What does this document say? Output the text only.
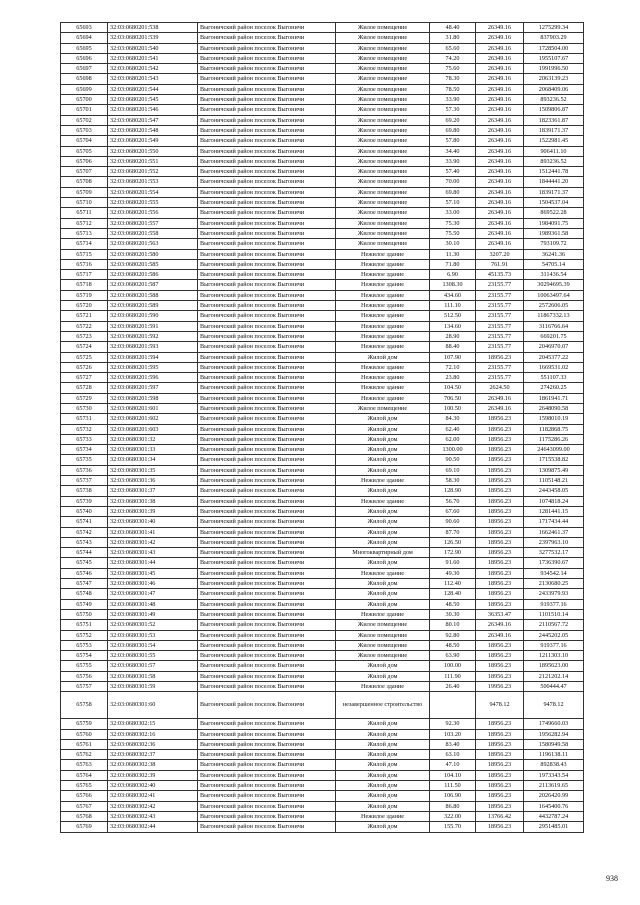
65693	32:03:0680201:538	Выгоничский район поселок Выгоничи	Жилое помещение	48.40	26349.16	1275299.34
65694	32:03:0680201:539	Выгоничский район поселок Выгоничи	Жилое помещение	31.80	26349.16	837903.29
65695	32:03:0680201:540	Выгоничский район поселок Выгоничи	Жилое помещение	65.60	26349.16	1728504.00
65696	32:03:0680201:541	Выгоничский район поселок Выгоничи	Жилое помещение	74.20	26349.16	1955107.67
65697	32:03:0680201:542	Выгоничский район поселок Выгоничи	Жилое помещение	75.60	26349.16	1991996.50
65698	32:03:0680201:543	Выгоничский район поселок Выгоничи	Жилое помещение	78.30	26349.16	2063139.23
65699	32:03:0680201:544	Выгоничский район поселок Выгоничи	Жилое помещение	78.50	26349.16	2068409.06
65700	32:03:0680201:545	Выгоничский район поселок Выгоничи	Жилое помещение	33.90	26349.16	893236.52
65701	32:03:0680201:546	Выгоничский район поселок Выгоничи	Жилое помещение	57.30	26349.16	1509806.87
65702	32:03:0680201:547	Выгоничский район поселок Выгоничи	Жилое помещение	69.20	26349.16	1823361.87
65703	32:03:0680201:548	Выгоничский район поселок Выгоничи	Жилое помещение	69.80	26349.16	1839171.37
65704	32:03:0680201:549	Выгоничский район поселок Выгоничи	Жилое помещение	57.80	26349.16	1522981.45
65705	32:03:0680201:550	Выгоничский район поселок Выгоничи	Жилое помещение	34.40	26349.16	906411.10
65706	32:03:0680201:551	Выгоничский район поселок Выгоничи	Жилое помещение	33.90	26349.16	893236.52
65707	32:03:0680201:552	Выгоничский район поселок Выгоничи	Жилое помещение	57.40	26349.16	1512441.78
65708	32:03:0680201:553	Выгоничский район поселок Выгоничи	Жилое помещение	70.00	26349.16	1844441.20
65709	32:03:0680201:554	Выгоничский район поселок Выгоничи	Жилое помещение	69.80	26349.16	1839171.37
65710	32:03:0680201:555	Выгоничский район поселок Выгоничи	Жилое помещение	57.10	26349.16	1504537.04
65711	32:03:0680201:556	Выгоничский район поселок Выгоничи	Жилое помещение	33.00	26349.16	869522.28
65712	32:03:0680201:557	Выгоничский район поселок Выгоничи	Жилое помещение	75.30	26349.16	1984091.75
65713	32:03:0680201:558	Выгоничский район поселок Выгоничи	Жилое помещение	75.50	26349.16	1989361.58
65714	32:03:0680201:563	Выгоничский район поселок Выгоничи	Жилое помещение	30.10	26349.16	793109.72
65715	32:03:0680201:580	Выгоничский район поселок Выгоничи	Нежилое здание	11.30	3207.20	36241.36
65716	32:03:0680201:585	Выгоничский район поселок Выгоничи	Нежилое здание	71.80	761.91	54705.14
65717	32:03:0680201:586	Выгоничский район поселок Выгоничи	Нежилое здание	6.90	45135.73	311436.54
65718	32:03:0680201:587	Выгоничский район поселок Выгоничи	Нежилое здание	1308.30	23155.77	30294695.39
65719	32:03:0680201:588	Выгоничский район поселок Выгоничи	Нежилое здание	434.60	23155.77	10063497.64
65720	32:03:0680201:589	Выгоничский район поселок Выгоничи	Нежилое здание	111.10	23155.77	2572606.05
65721	32:03:0680201:590	Выгоничский район поселок Выгоничи	Нежилое здание	512.50	23155.77	11867332.13
65722	32:03:0680201:591	Выгоничский район поселок Выгоничи	Нежилое здание	134.60	23155.77	3116766.64
65723	32:03:0680201:592	Выгоничский район поселок Выгоничи	Нежилое здание	28.90	23155.77	669201.75
65724	32:03:0680201:593	Выгоничский район поселок Выгоничи	Нежилое здание	88.40	23155.77	2046970.07
65725	32:03:0680201:594	Выгоничский район поселок Выгоничи	Жилой дом	107.90	18956.23	2045377.22
65726	32:03:0680201:595	Выгоничский район поселок Выгоничи	Нежилое здание	72.10	23155.77	1669531.02
65727	32:03:0680201:596	Выгоничский район поселок Выгоничи	Нежилое здание	23.80	23155.77	551107.33
65728	32:03:0680201:597	Выгоничский район поселок Выгоничи	Нежилое здание	104.50	2624.50	274260.25
65729	32:03:0680201:598	Выгоничский район поселок Выгоничи	Нежилое здание	706.50	26349.16	1861941.71
65730	32:03:0680201:601	Выгоничский район поселок Выгоничи	Жилое помещение	100.50	26349.16	2648090.58
65731	32:03:0680201:602	Выгоничский район поселок Выгоничи	Жилой дом	84.30	18956.23	1598010.19
65732	32:03:0680201:603	Выгоничский район поселок Выгоничи	Жилой дом	62.40	18956.23	1182868.75
65733	32:03:0680301:32	Выгоничский район поселок Выгоничи	Жилой дом	62.00	18956.23	1175286.26
65734	32:03:0680301:33	Выгоничский район поселок Выгоничи	Жилой дом	1300.00	18956.23	24643099.00
65735	32:03:0680301:34	Выгоничский район поселок Выгоничи	Жилой дом	90.50	18956.23	1715538.82
65736	32:03:0680301:35	Выгоничский район поселок Выгоничи	Жилой дом	69.10	18956.23	1309875.49
65737	32:03:0680301:36	Выгоничский район поселок Выгоничи	Нежилое здание	58.30	18956.23	1105148.21
65738	32:03:0680301:37	Выгоничский район поселок Выгоничи	Жилой дом	128.90	18956.23	2443458.05
65739	32:03:0680301:38	Выгоничский район поселок Выгоничи	Нежилое здание	56.70	18956.23	1074818.24
65740	32:03:0680301:39	Выгоничский район поселок Выгоничи	Жилой дом	67.60	18956.23	1281441.15
65741	32:03:0680301:40	Выгоничский район поселок Выгоничи	Жилой дом	90.60	18956.23	1717434.44
65742	32:03:0680301:41	Выгоничский район поселок Выгоничи	Жилой дом	87.70	18956.23	1662461.37
65743	32:03:0680301:42	Выгоничский район поселок Выгоничи	Жилой дом	126.50	18956.23	2397963.10
65744	32:03:0680301:43	Выгоничский район поселок Выгоничи	Многоквартирный дом	172.90	18956.23	3277532.17
65745	32:03:0680301:44	Выгоничский район поселок Выгоничи	Жилой дом	91.60	18956.23	1736390.67
65746	32:03:0680301:45	Выгоничский район поселок Выгоничи	Нежилое здание	49.30	18956.23	934542.14
65747	32:03:0680301:46	Выгоничский район поселок Выгоничи	Жилой дом	112.40	18956.23	2130680.25
65748	32:03:0680301:47	Выгоничский район поселок Выгоничи	Жилой дом	128.40	18956.23	2433979.93
65749	32:03:0680301:48	Выгоничский район поселок Выгоничи	Жилой дом	48.50	18956.23	919377.16
65750	32:03:0680301:49	Выгоничский район поселок Выгоничи	Нежилое здание	30.30	36353.47	1101510.14
65751	32:03:0680301:52	Выгоничский район поселок Выгоничи	Жилое помещение	80.10	26349.16	2110567.72
65752	32:03:0680301:53	Выгоничский район поселок Выгоничи	Жилое помещение	92.80	26349.16	2445202.05
65753	32:03:0680301:54	Выгоничский район поселок Выгоничи	Жилое помещение	48.50	18956.23	919377.16
65754	32:03:0680301:55	Выгоничский район поселок Выгоничи	Жилое помещение	63.90	18956.23	1211303.10
65755	32:03:0680301:57	Выгоничский район поселок Выгоничи	Жилой дом	100.00	18956.23	1895623.00
65756	32:03:0680301:58	Выгоничский район поселок Выгоничи	Жилой дом	111.90	18956.23	2121202.14
65757	32:03:0680301:59	Выгоничский район поселок Выгоничи	Нежилое здание	26.40	19956.23	500444.47
65758	32:03:0680301:60	Выгоничский район поселок Выгоничи	незавершенное строительство		9478.12	9478.12
65759	32:03:0680302:15	Выгоничский район поселок Выгоничи	Жилой дом	92.30	18956.23	1749660.03
65760	32:03:0680302:16	Выгоничский район поселок Выгоничи	Жилой дом	103.20	18956.23	1956282.94
65761	32:03:0680302:36	Выгоничский район поселок Выгоничи	Жилой дом	83.40	18956.23	1580949.58
65762	32:03:0680302:37	Выгоничский район поселок Выгоничи	Жилой дом	63.10	18956.23	1196138.11
65763	32:03:0680302:38	Выгоничский район поселок Выгоничи	Жилой дом	47.10	18956.23	892838.43
65764	32:03:0680302:39	Выгоничский район поселок Выгоничи	Жилой дом	104.10	18956.23	1973343.54
65765	32:03:0680302:40	Выгоничский район поселок Выгоничи	Жилой дом	111.50	18956.23	2113619.65
65766	32:03:0680302:41	Выгоничский район поселок Выгоничи	Жилой дом	106.90	18956.23	2026420.99
65767	32:03:0680302:42	Выгоничский район поселок Выгоничи	Жилой дом	86.80	18956.23	1645400.76
65768	32:03:0680302:43	Выгоничский район поселок Выгоничи	Нежилое здание	322.00	13766.42	4432787.24
65769	32:03:0680302:44	Выгоничский район поселок Выгоничи	Жилой дом	155.70	18956.23	2951485.01
938
